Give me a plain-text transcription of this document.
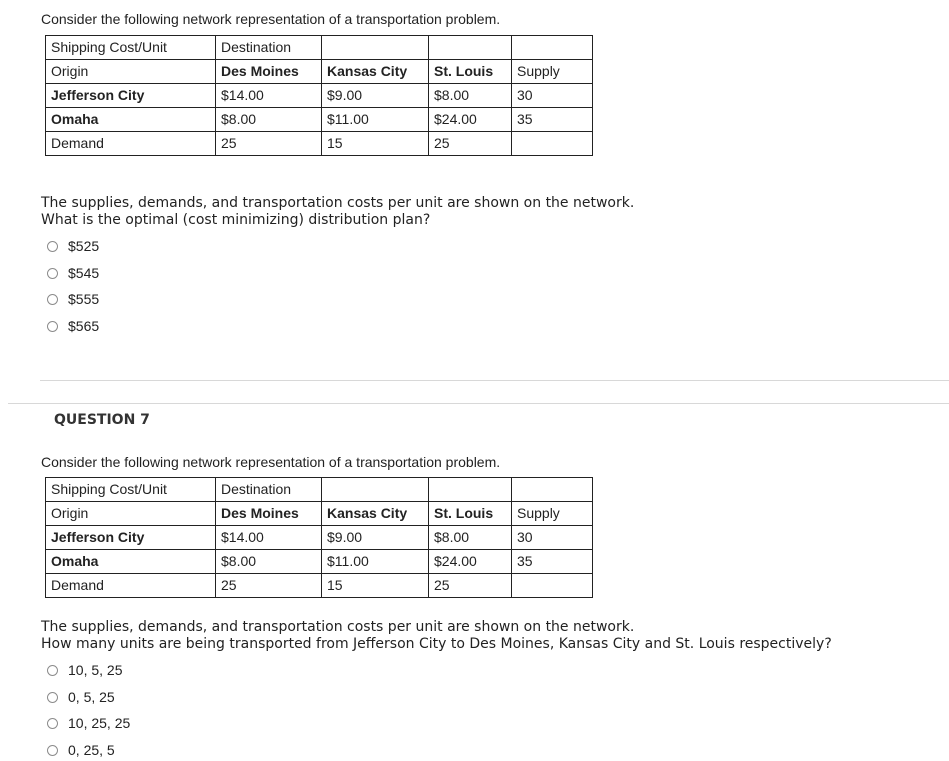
Consider the following network representation of a transportation problem.
Shipping Cost/Unit	Destination			
Origin	Des Moines	Kansas City	St. Louis	Supply
Jefferson City	$14.00	$9.00	$8.00	30
Omaha	$8.00	$11.00	$24.00	35
Demand	25	15	25	
The supplies, demands, and transportation costs per unit are shown on the network.
What is the optimal (cost minimizing) distribution plan?
$525
$545
$555
$565
QUESTION 7
Consider the following network representation of a transportation problem.
Shipping Cost/Unit	Destination			
Origin	Des Moines	Kansas City	St. Louis	Supply
Jefferson City	$14.00	$9.00	$8.00	30
Omaha	$8.00	$11.00	$24.00	35
Demand	25	15	25	
The supplies, demands, and transportation costs per unit are shown on the network.
How many units are being transported from Jefferson City to Des Moines, Kansas City and St. Louis respectively?
10, 5, 25
0, 5, 25
10, 25, 25
0, 25, 5
